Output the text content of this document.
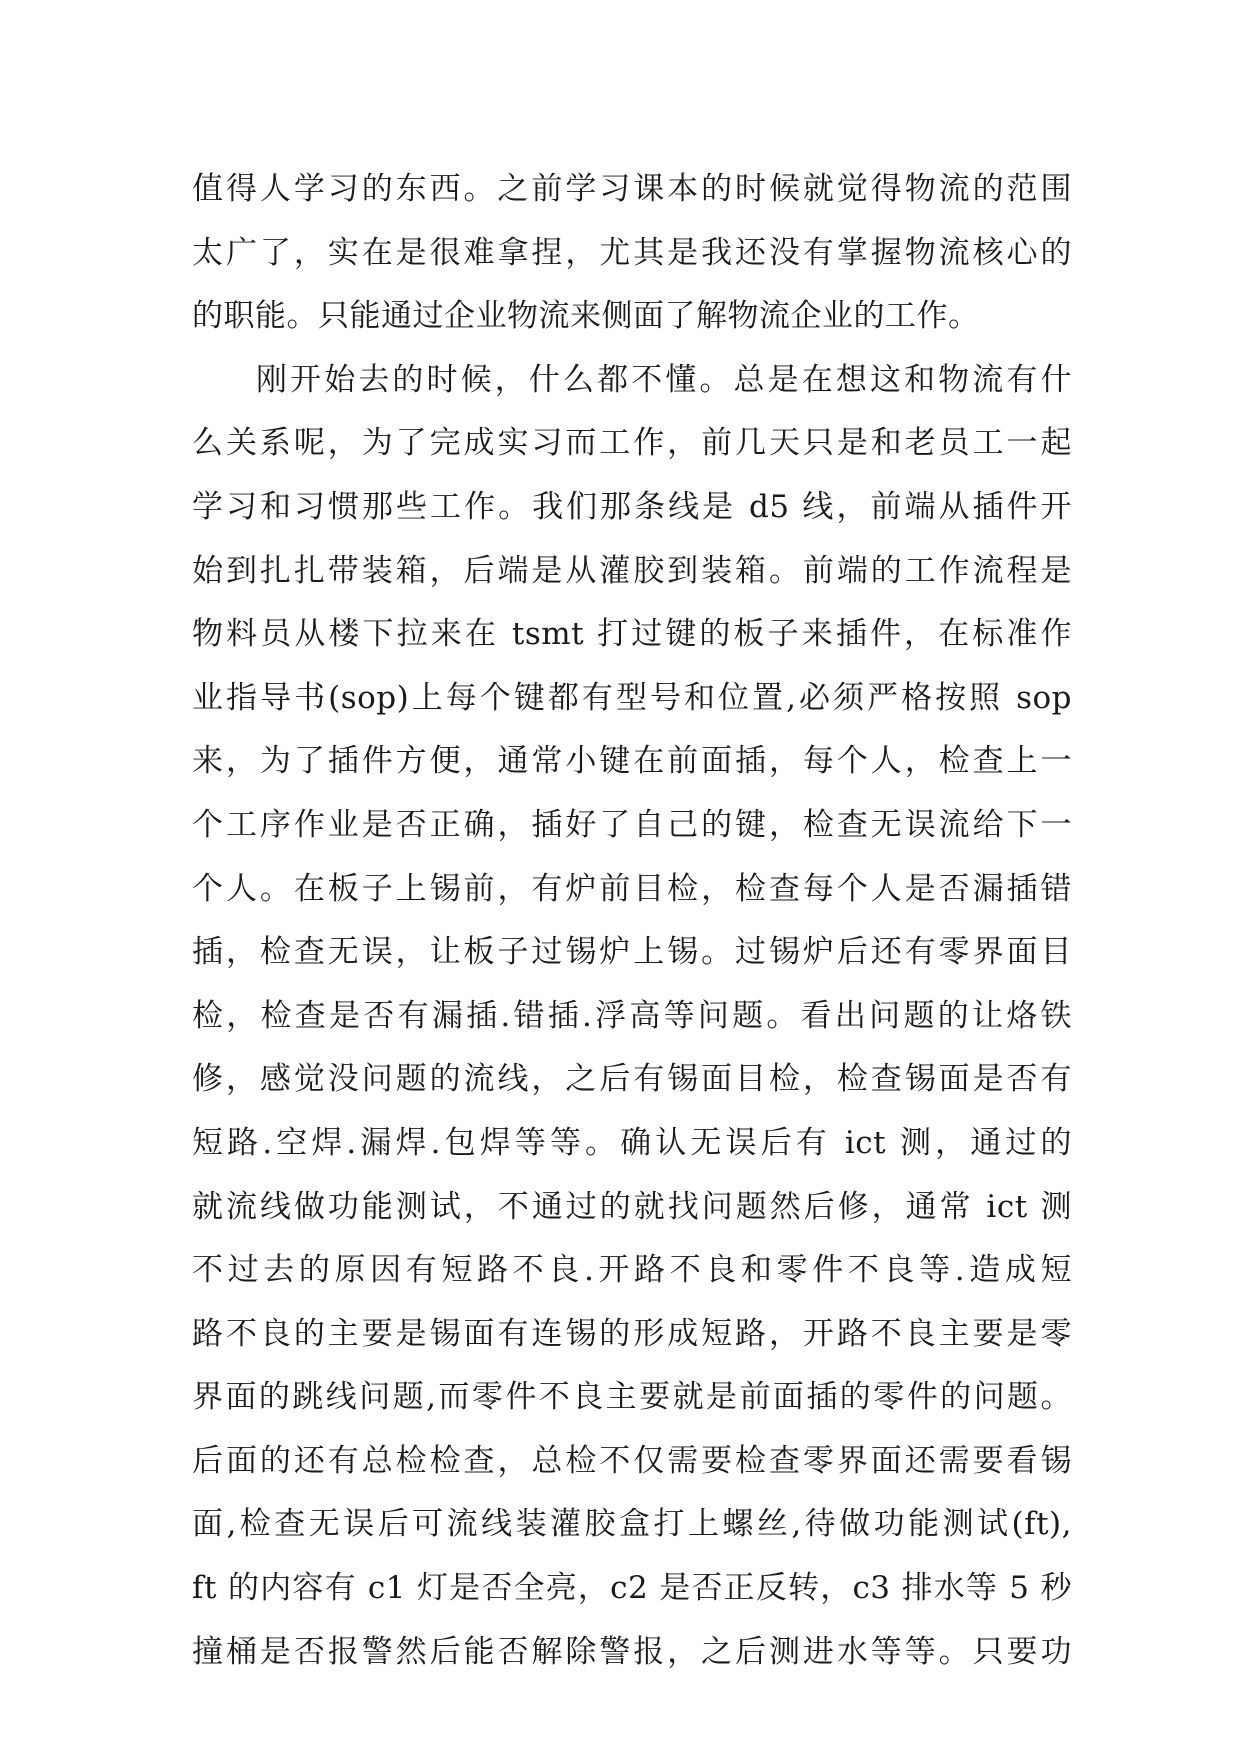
值得人学习的东西。之前学习课本的时候就觉得物流的范围
太广了，实在是很难拿捏，尤其是我还没有掌握物流核心的
的职能。只能通过企业物流来侧面了解物流企业的工作。
刚开始去的时候，什么都不懂。总是在想这和物流有什
么关系呢，为了完成实习而工作，前几天只是和老员工一起
学习和习惯那些工作。我们那条线是 d5 线，前端从插件开
始到扎扎带装箱，后端是从灌胶到装箱。前端的工作流程是
物料员从楼下拉来在 tsmt 打过键的板子来插件，在标准作
业指导书(sop)上每个键都有型号和位置,必须严格按照 sop
来，为了插件方便，通常小键在前面插，每个人，检查上一
个工序作业是否正确，插好了自己的键，检查无误流给下一
个人。在板子上锡前，有炉前目检，检查每个人是否漏插错
插，检查无误，让板子过锡炉上锡。过锡炉后还有零界面目
检，检查是否有漏插.错插.浮高等问题。看出问题的让烙铁
修，感觉没问题的流线，之后有锡面目检，检查锡面是否有
短路.空焊.漏焊.包焊等等。确认无误后有 ict 测，通过的
就流线做功能测试，不通过的就找问题然后修，通常 ict 测
不过去的原因有短路不良.开路不良和零件不良等.造成短
路不良的主要是锡面有连锡的形成短路，开路不良主要是零
界面的跳线问题,而零件不良主要就是前面插的零件的问题。
后面的还有总检检查，总检不仅需要检查零界面还需要看锡
面,检查无误后可流线装灌胶盒打上螺丝,待做功能测试(ft),
ft 的内容有 c1 灯是否全亮，c2 是否正反转，c3 排水等 5 秒
撞桶是否报警然后能否解除警报，之后测进水等等。只要功
